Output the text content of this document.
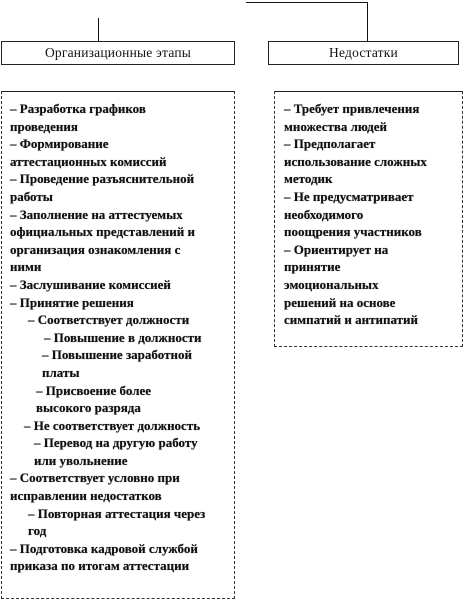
Организационные этапы	Недостатки
– Разработка графиков
проведения
– Формирование
аттестационных комиссий
– Проведение разъяснительной
работы
– Заполнение на аттестуемых
официальных представлений и
организация ознакомления с
ними
– Заслушивание комиссией
– Принятие решения
– Соответствует должности
– Повышение в должности
– Повышение заработной
платы
– Присвоение более
высокого разряда
– Не соответствует должность
– Перевод на другую работу
или увольнение
– Соответствует условно при
исправлении недостатков
– Повторная аттестация через
год
– Подготовка кадровой службой
приказа по итогам аттестации
– Требует привлечения
множества людей
– Предполагает
использование сложных
методик
– Не предусматривает
необходимого
поощрения участников
– Ориентирует на
принятие
эмоциональных
решений на основе
симпатий и антипатий
